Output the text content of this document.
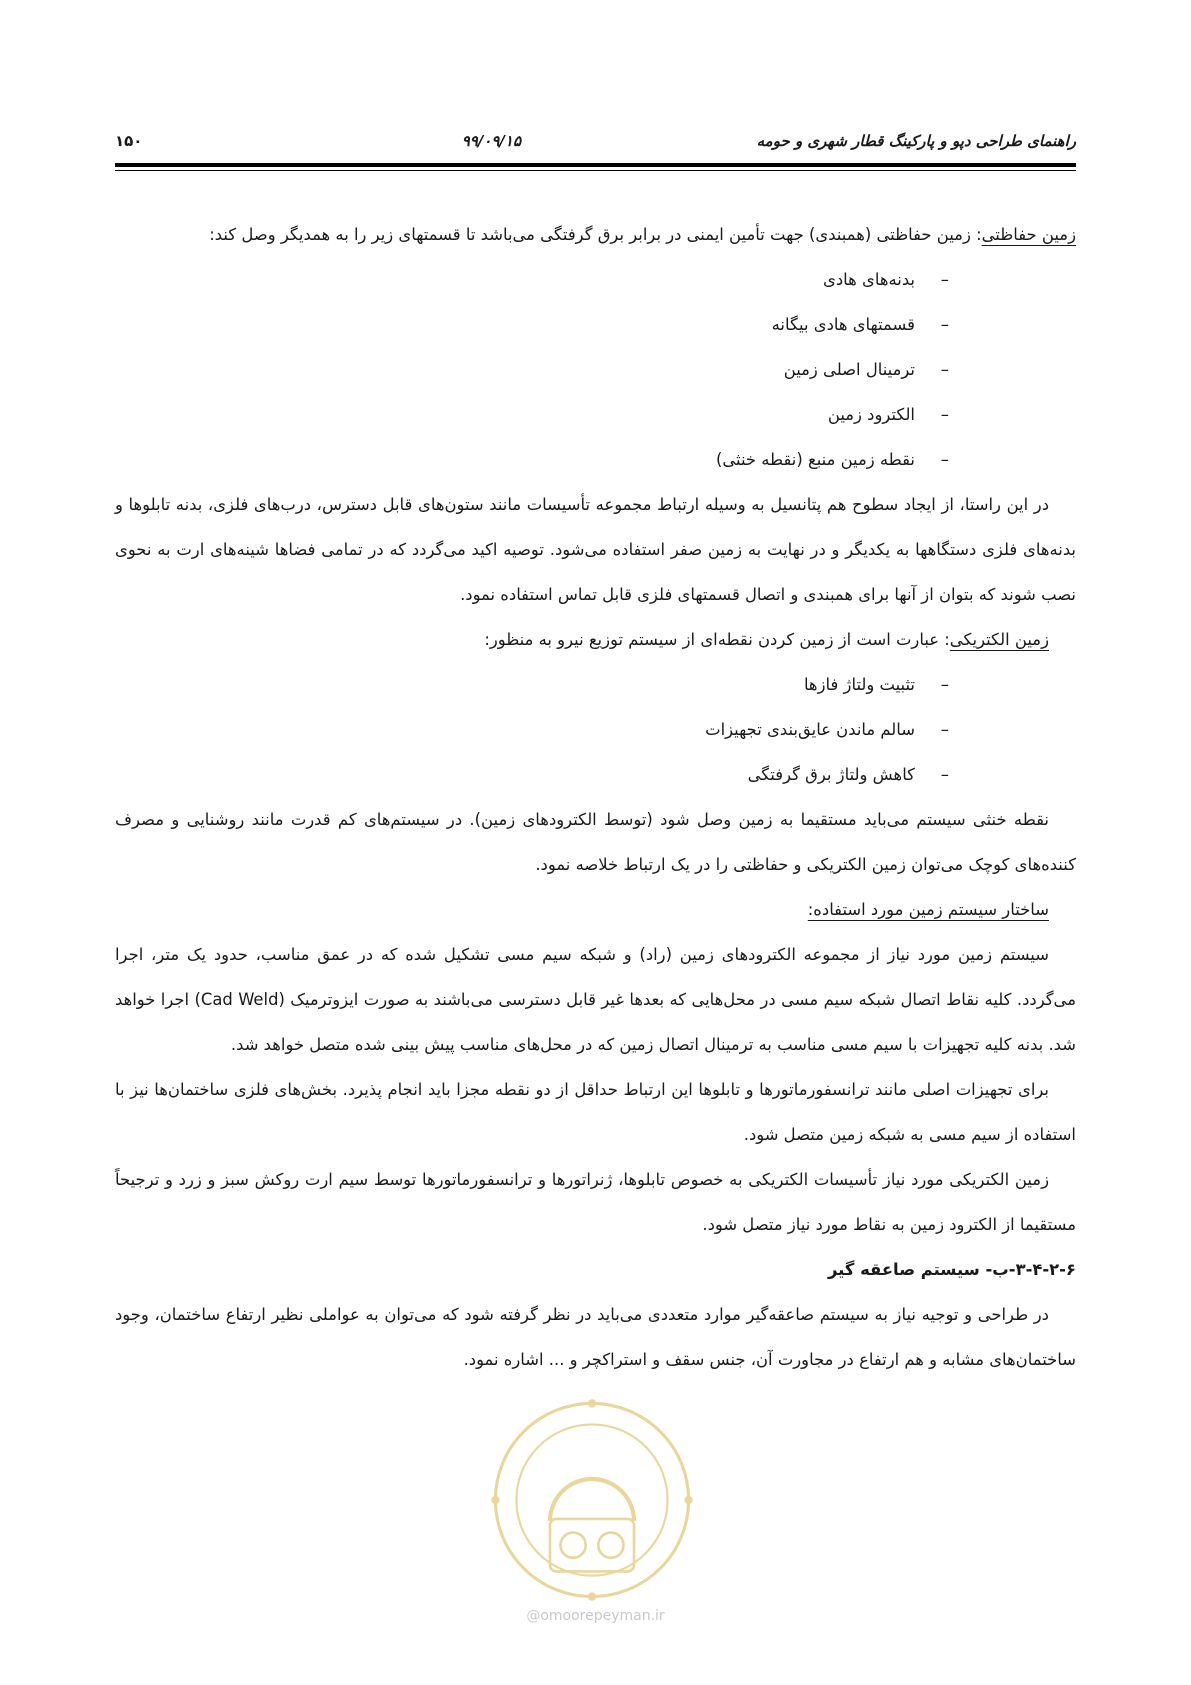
راهنمای طراحی دپو و پارکینگ قطار شهری و حومه
۹۹/۰۹/۱۵
۱۵۰

زمین حفاظتی: زمین حفاظتی (همبندی) جهت تأمین ایمنی در برابر برق گرفتگی می‌باشد تا قسمتهای زیر را به همدیگر وصل کند:

–بدنه‌های هادی
–قسمتهای هادی بیگانه
–ترمینال اصلی زمین
–الکترود زمین
–نقطه زمین منبع (نقطه خنثی)

در این راستا، از ایجاد سطوح هم پتانسیل به وسیله ارتباط مجموعه تأسیسات مانند ستون‌های قابل دسترس، درب‌های فلزی، بدنه تابلوها و بدنه‌های فلزی دستگاهها به یکدیگر و در نهایت به زمین صفر استفاده می‌شود. توصیه اکید می‌گردد که در تمامی فضاها شینه‌های ارت به نحوی نصب شوند که بتوان از آنها برای همبندی و اتصال قسمتهای فلزی قابل تماس استفاده نمود.

زمین الکتریکی: عبارت است از زمین کردن نقطه‌ای از سیستم توزیع نیرو به منظور:

–تثبیت ولتاژ فازها
–سالم ماندن عایق‌بندی تجهیزات
–کاهش ولتاژ برق گرفتگی

نقطه خنثی سیستم می‌باید مستقیما به زمین وصل شود (توسط الکترودهای زمین). در سیستم‌های کم قدرت مانند روشنایی و مصرف کننده‌های کوچک می‌توان زمین الکتریکی و حفاظتی را در یک ارتباط خلاصه نمود.

ساختار سیستم زمین مورد استفاده:

سیستم زمین مورد نیاز از مجموعه الکترودهای زمین (راد) و شبکه سیم مسی تشکیل شده که در عمق مناسب، حدود یک متر، اجرا می‌گردد. کلیه نقاط اتصال شبکه سیم مسی در محل‌هایی که بعدها غیر قابل دسترسی می‌باشند به صورت ایزوترمیک (Cad Weld) اجرا خواهد شد. بدنه کلیه تجهیزات با سیم مسی مناسب به ترمینال اتصال زمین که در محل‌های مناسب پیش بینی شده متصل خواهد شد.

برای تجهیزات اصلی مانند ترانسفورماتورها و تابلوها این ارتباط حداقل از دو نقطه مجزا باید انجام پذیرد. بخش‌های فلزی ساختمان‌ها نیز با استفاده از سیم مسی به شبکه زمین متصل شود.

زمین الکتریکی مورد نیاز تأسیسات الکتریکی به خصوص تابلوها، ژنراتورها و ترانسفورماتورها توسط سیم ارت روکش سبز و زرد و ترجیحاً مستقیما از الکترود زمین به نقاط مورد نیاز متصل شود.

۳-۴-۲-۶-ب- سیستم صاعقه گیر

در طراحی و توجیه نیاز به سیستم صاعقه‌گیر موارد متعددی می‌باید در نظر گرفته شود که می‌توان به عواملی نظیر ارتفاع ساختمان، وجود ساختمان‌های مشابه و هم ارتفاع در مجاورت آن، جنس سقف و استراکچر و ... اشاره نمود.

@omoorepeyman.ir
